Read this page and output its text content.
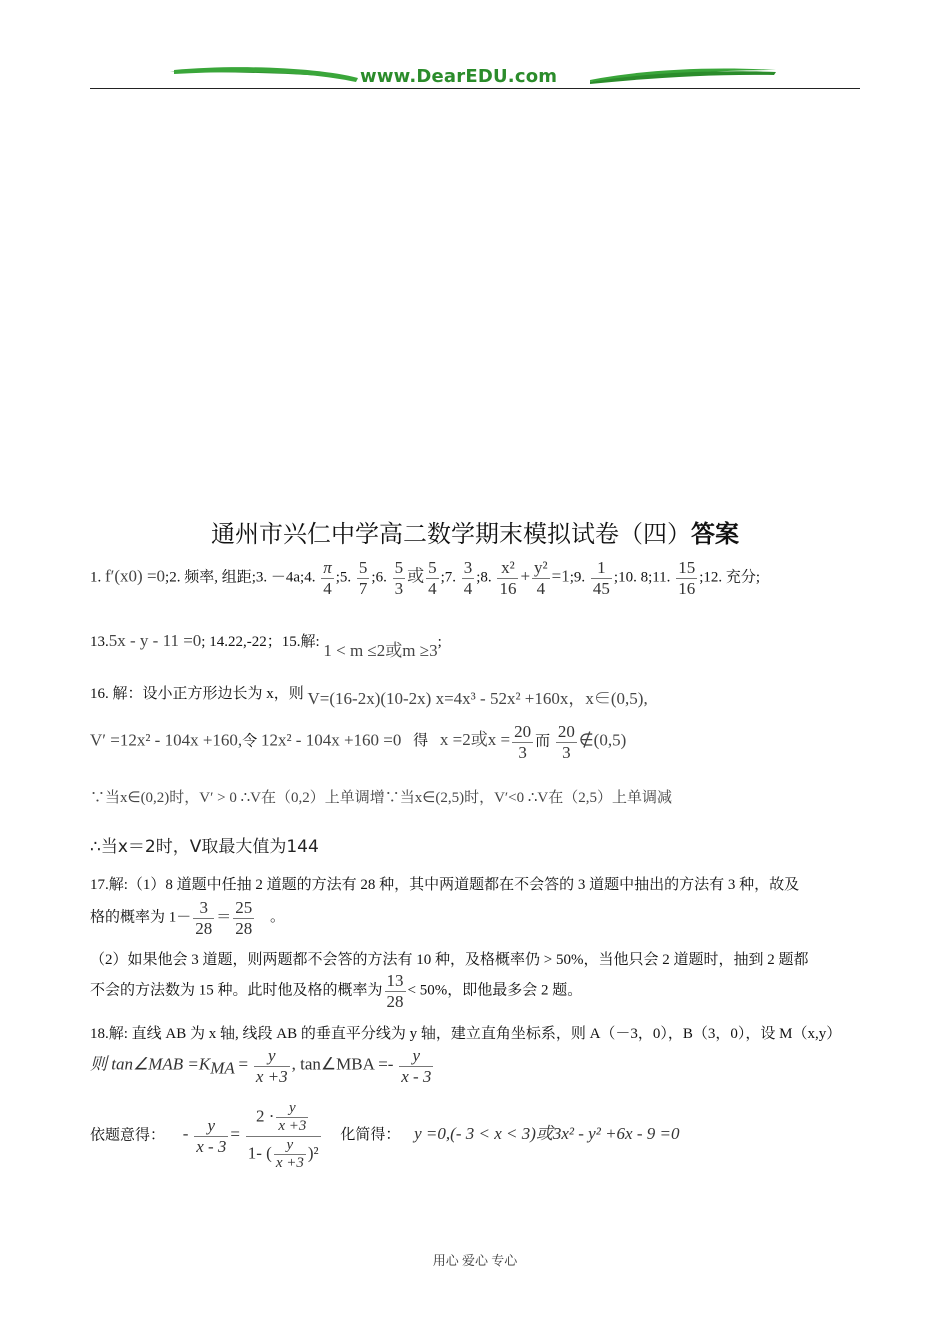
www.DearEDU.com
通州市兴仁中学高二数学期末模拟试卷（四）答案
1. f′(x0) =0;2. 频率, 组距;3. －4a;4. $\frac{\pi}{4}$ ;5. $\frac{5}{7}$ ;6. $\frac{5}{3}$ 或 $\frac{5}{4}$ ;7. $\frac{3}{4}$ ;8. $\frac{\text{x²}}{16} + \frac{\text{y²}}{4}$ =1;9. $\frac{1}{45}$ ;10. 8;11. $\frac{15}{16}$ ;12. 充分;
13.5x - y - 11 =0; 14.22,-22；15.解: 1 < m ≤2或m ≥3;
16. 解：设小正方形边长为 x，则 V=(16-2x)(10-2x) x=4x³ - 52x² +160x，x∈(0,5),
V′ =12x² - 104x +160,令 12x² - 104x +160 =0 得 x =2或$x = \frac{20}{3}$ 而 $\frac{20}{3}$ ∉(0,5)
∵当x∈(0,2)时，V′ > 0 ∴V在（0,2）上单调增∵当x∈(2,5)时，V′<0 ∴V在（2,5）上单调减
∴当x＝2时，V取最大值为144
17.解:（1）8 道题中任抽 2 道题的方法有 28 种，其中两道题都在不会答的 3 道题中抽出的方法有 3 种，故及
格的概率为 $1- \frac{3}{28} = \frac{25}{28}$ 。
（2）如果他会 3 道题，则两题都不会答的方法有 10 种，及格概率仍 > 50%，当他只会 2 道题时，抽到 2 题都
不会的方法数为 15 种。此时他及格的概率为 $\frac{13}{28} < 50\%$，即他最多会 2 题。
18.解: 直线 AB 为 x 轴, 线段 AB 的垂直平分线为 y 轴，建立直角坐标系，则 A（－3，0），B（3，0），设 M（x,y）
则 tan∠MAB $=K_{MA} = \frac{y}{x +3}$ , tan∠MBA =- $\frac{y}{x - 3}$
依题意得： - $\frac{y}{x - 3} = \frac{2 \cdot \frac{y}{x +3}}{1- ( \frac{y}{x +3} )^2}$ 化简得： y =0,(- 3 < x < 3)或3x² - y² +6x - 9 =0
用心 爱心 专心
